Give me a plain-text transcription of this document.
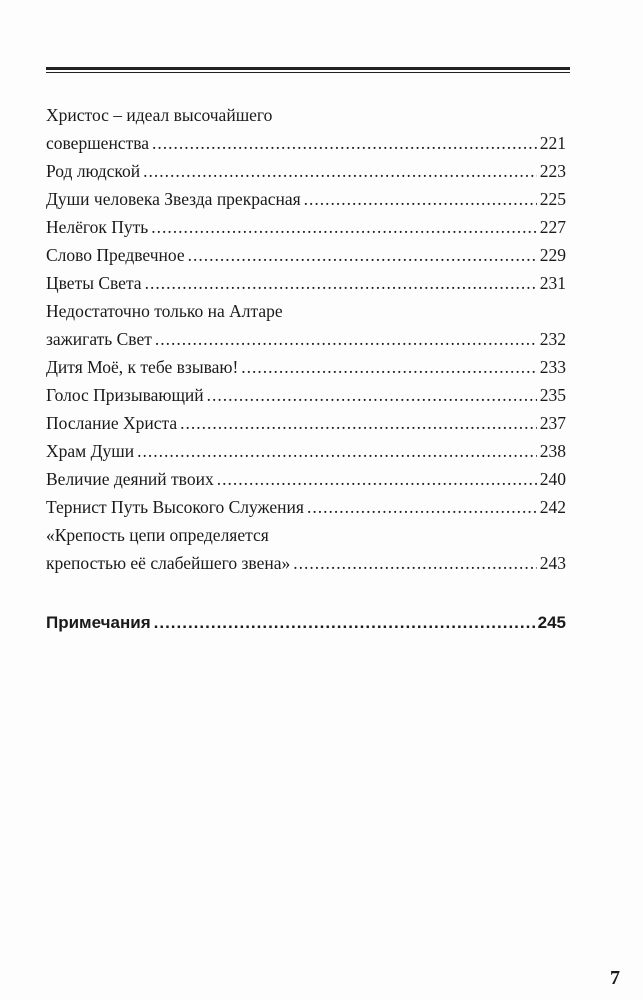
Христос – идеал высочайшего
совершенства .....	221
Род людской .....	223
Души человека Звезда прекрасная .....	225
Нелёгок Путь .....	227
Слово Предвечное .....	229
Цветы Света .....	231
Недостаточно только на Алтаре
зажигать Свет .....	232
Дитя Моё, к тебе взываю! .....	233
Голос Призывающий .....	235
Послание Христа .....	237
Храм Души .....	238
Величие деяний твоих .....	240
Тернист Путь Высокого Служения .....	242
«Крепость цепи определяется
крепостью её слабейшего звена» .....	243
Примечания .....	245
7
